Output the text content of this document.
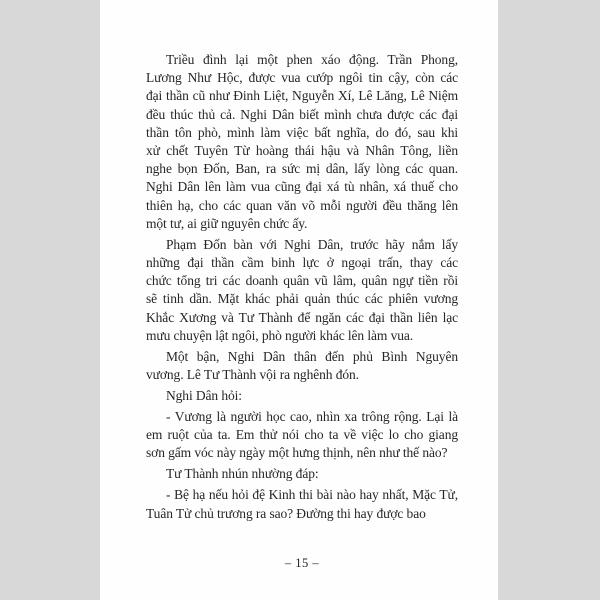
Triều đình lại một phen xáo động. Trần Phong,
Lương Như Hộc, được vua cướp ngôi tin cậy, còn các
đại thần cũ như Đinh Liệt, Nguyễn Xí, Lê Lăng, Lê Niệm
đều thúc thủ cả. Nghi Dân biết mình chưa được các đại
thần tôn phò, mình làm việc bất nghĩa, do đó, sau khi
xử chết Tuyên Từ hoàng thái hậu và Nhân Tông, liền
nghe bọn Đốn, Ban, ra sức mị dân, lấy lòng các quan.
Nghi Dân lên làm vua cũng đại xá tù nhân, xá thuế cho
thiên hạ, cho các quan văn võ mỗi người đều thăng lên
một tư, ai giữ nguyên chức ấy.
Phạm Đốn bàn với Nghi Dân, trước hãy nắm lấy
những đại thần cầm binh lực ở ngoại trấn, thay các
chức tổng tri các doanh quân vũ lâm, quân ngự tiền rồi
sẽ tinh dần. Mặt khác phải quản thúc các phiên vương
Khắc Xương và Tư Thành để ngăn các đại thần liên lạc
mưu chuyện lật ngôi, phò người khác lên làm vua.
Một bận, Nghi Dân thân đến phủ Bình Nguyên
vương. Lê Tư Thành vội ra nghênh đón.
Nghi Dân hỏi:
- Vương là người học cao, nhìn xa trông rộng. Lại là
em ruột của ta. Em thử nói cho ta về việc lo cho giang
sơn gấm vóc này ngày một hưng thịnh, nên như thế nào?
Tư Thành nhún nhường đáp:
- Bệ hạ nếu hỏi đệ Kinh thi bài nào hay nhất, Mặc Tử,
Tuân Tử chủ trương ra sao? Đường thi hay được bao
– 15 –
